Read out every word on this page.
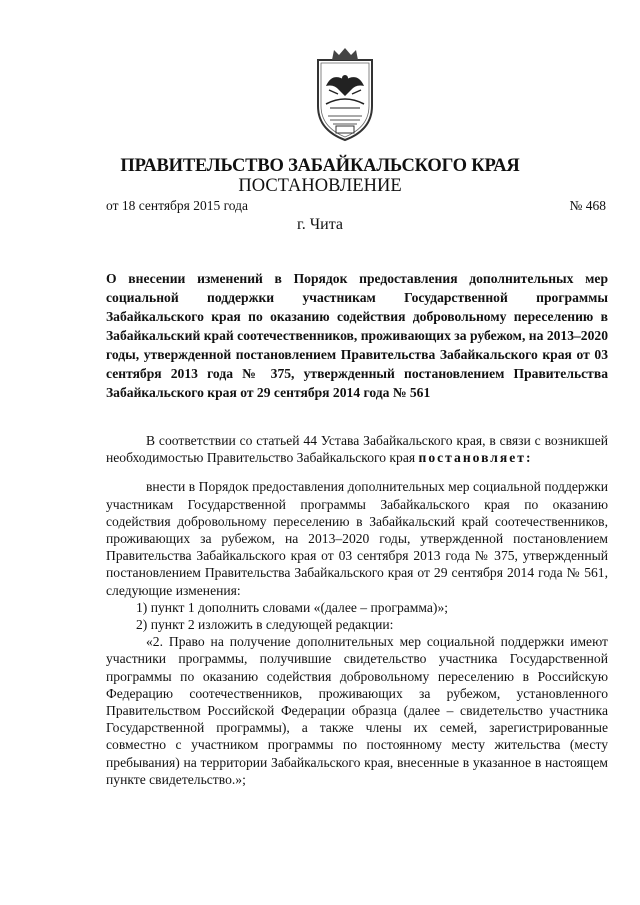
ПРАВИТЕЛЬСТВО ЗАБАЙКАЛЬСКОГО КРАЯ
ПОСТАНОВЛЕНИЕ
от 18 сентября 2015 года	№ 468
г. Чита
О внесении изменений в Порядок предоставления дополнительных мер социальной поддержки участникам Государственной программы Забайкальского края по оказанию содействия добровольному переселению в Забайкальский край соотечественников, проживающих за рубежом, на 2013–2020 годы, утвержденной постановлением Правительства Забайкальского края от 03 сентября 2013 года № 375, утвержденный постановлением Правительства Забайкальского края от 29 сентября 2014 года № 561

В соответствии со статьей 44 Устава Забайкальского края, в связи с возникшей необходимостью Правительство Забайкальского края постановляет:

внести в Порядок предоставления дополнительных мер социальной поддержки участникам Государственной программы Забайкальского края по оказанию содействия добровольному переселению в Забайкальский край соотечественников, проживающих за рубежом, на 2013–2020 годы, утвержденной постановлением Правительства Забайкальского края от 03 сентября 2013 года № 375, утвержденный постановлением Правительства Забайкальского края от 29 сентября 2014 года № 561, следующие изменения:

1) пункт 1 дополнить словами «(далее – программа)»;

2) пункт 2 изложить в следующей редакции:

«2. Право на получение дополнительных мер социальной поддержки имеют участники программы, получившие свидетельство участника Государственной программы по оказанию содействия добровольному переселению в Российскую Федерацию соотечественников, проживающих за рубежом, установленного Правительством Российской Федерации образца (далее – свидетельство участника Государственной программы), а также члены их семей, зарегистрированные совместно с участником программы по постоянному месту жительства (месту пребывания) на территории Забайкальского края, внесенные в указанное в настоящем пункте свидетельство.»;
